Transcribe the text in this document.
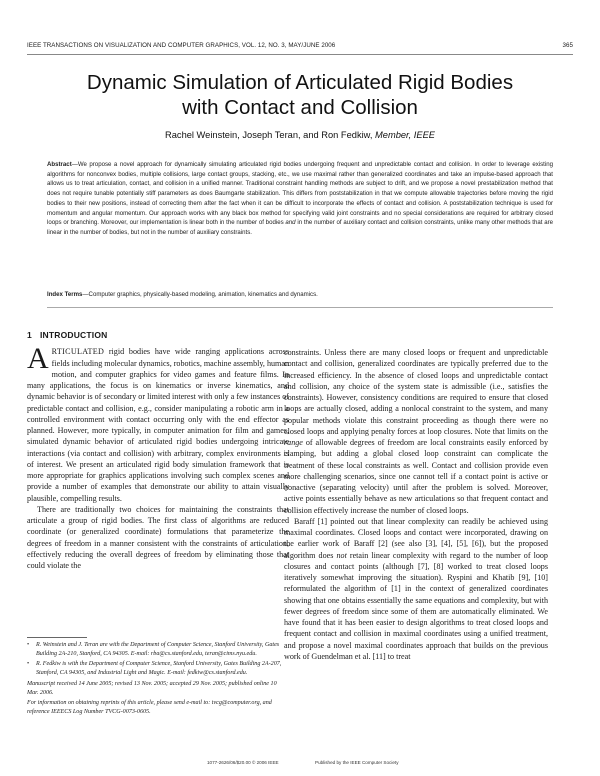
IEEE TRANSACTIONS ON VISUALIZATION AND COMPUTER GRAPHICS, VOL. 12, NO. 3, MAY/JUNE 2006	365
Dynamic Simulation of Articulated Rigid Bodies
with Contact and Collision
Rachel Weinstein, Joseph Teran, and Ron Fedkiw, Member, IEEE
Abstract—We propose a novel approach for dynamically simulating articulated rigid bodies undergoing frequent and unpredictable contact and collision. In order to leverage existing algorithms for nonconvex bodies, multiple collisions, large contact groups, stacking, etc., we use maximal rather than generalized coordinates and take an impulse-based approach that allows us to treat articulation, contact, and collision in a unified manner. Traditional constraint handling methods are subject to drift, and we propose a novel prestabilization method that does not require tunable potentially stiff parameters as does Baumgarte stabilization. This differs from poststabilization in that we compute allowable trajectories before moving the rigid bodies to their new positions, instead of correcting them after the fact when it can be difficult to incorporate the effects of contact and collision. A poststabilization technique is used for momentum and angular momentum. Our approach works with any black box method for specifying valid joint constraints and no special considerations are required for arbitrary closed loops or branching. Moreover, our implementation is linear both in the number of bodies and in the number of auxiliary contact and collision constraints, unlike many other methods that are linear in the number of bodies, but not in the number of auxiliary constraints.
Index Terms—Computer graphics, physically-based modeling, animation, kinematics and dynamics.
1 INTRODUCTION

ARTICULATED rigid bodies have wide ranging applications across fields including molecular dynamics, robotics, machine assembly, human motion, and computer graphics for video games and feature films. In many applications, the focus is on kinematics or inverse kinematics, and dynamic behavior is of secondary or limited interest with only a few instances of predictable contact and collision, e.g., consider manipulating a robotic arm in a controlled environment with contact occurring only with the end effector as planned. However, more typically, in computer animation for film and games, simulated dynamic behavior of articulated rigid bodies undergoing intricate interactions (via contact and collision) with arbitrary, complex environments is of interest. We present an articulated rigid body simulation framework that is more appropriate for graphics applications involving such complex scenes and provide a number of examples that demonstrate our ability to attain visually plausible, compelling results.

There are traditionally two choices for maintaining the constraints that articulate a group of rigid bodies. The first class of algorithms are reduced coordinate (or generalized coordinate) formulations that parameterize the degrees of freedom in a manner consistent with the constraints of articulation, effectively reducing the overall degrees of freedom by eliminating those that could violate the

• R. Weinstein and J. Teran are with the Department of Computer Science, Stanford University, Gates Building 2A-210, Stanford, CA 94305. E-mail: rba@cs.stanford.edu, teran@cims.nyu.edu.
• R. Fedkiw is with the Department of Computer Science, Stanford University, Gates Building 2A-207, Stanford, CA 94305, and Industrial Light and Magic. E-mail: fedkiw@cs.stanford.edu.
Manuscript received 14 June 2005; revised 13 Nov. 2005; accepted 29 Nov. 2005; published online 10 Mar. 2006.
For information on obtaining reprints of this article, please send e-mail to: tvcg@computer.org, and reference IEEECS Log Number TVCG-0073-0605.

constraints. Unless there are many closed loops or frequent and unpredictable contact and collision, generalized coordinates are typically preferred due to the increased efficiency. In the absence of closed loops and unpredictable contact and collision, any choice of the system state is admissible (i.e., satisfies the constraints). However, consistency conditions are required to ensure that closed loops are actually closed, adding a nonlocal constraint to the system, and many popular methods violate this constraint proceeding as though there were no closed loops and applying penalty forces at loop closures. Note that limits on the range of allowable degrees of freedom are local constraints easily enforced by clamping, but adding a global closed loop constraint can complicate the treatment of these local constraints as well. Contact and collision provide even more challenging scenarios, since one cannot tell if a contact point is active or nonactive (separating velocity) until after the problem is solved. Moreover, active points essentially behave as new articulations so that frequent contact and collision effectively increase the number of closed loops.

Baraff [1] pointed out that linear complexity can readily be achieved using maximal coordinates. Closed loops and contact were incorporated, drawing on the earlier work of Baraff [2] (see also [3], [4], [5], [6]), but the proposed algorithm does not retain linear complexity with regard to the number of loop closures and contact points (although [7], [8] worked to treat closed loops iteratively somewhat improving the situation). Ryspini and Khatib [9], [10] reformulated the algorithm of [1] in the context of generalized coordinates showing that one obtains essentially the same equations and complexity, but with fewer degrees of freedom since some of them are automatically eliminated. We have found that it has been easier to design algorithms to treat closed loops and frequent contact and collision in maximal coordinates using a unified treatment, and propose a novel maximal coordinates approach that builds on the previous work of Guendelman et al. [11] to treat

1077-2626/06/$20.00 © 2006 IEEE	Published by the IEEE Computer Society
